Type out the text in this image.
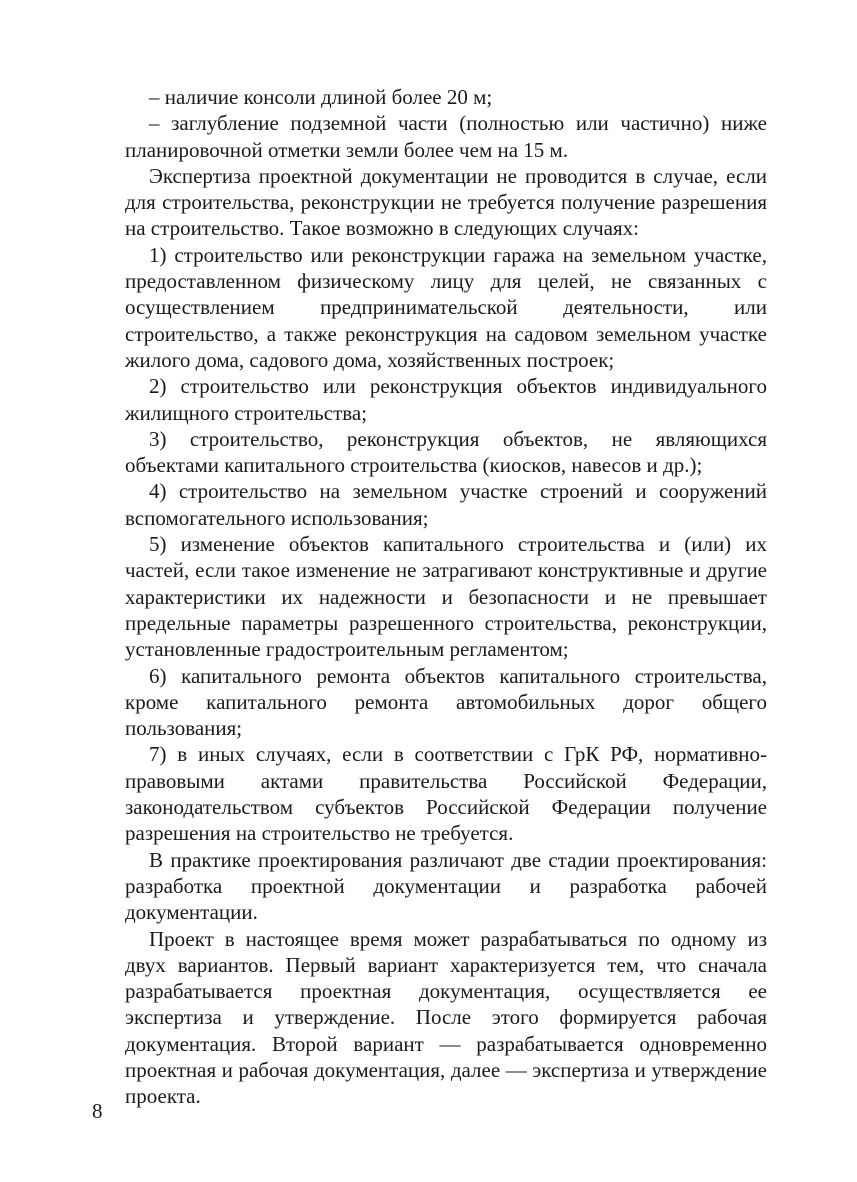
– наличие консоли длиной более 20 м;

– заглубление подземной части (полностью или частично) ниже планировочной отметки земли более чем на 15 м.

Экспертиза проектной документации не проводится в случае, если для строительства, реконструкции не требуется получение разрешения на строительство. Такое возможно в следующих случаях:

1) строительство или реконструкции гаража на земельном участке, предоставленном физическому лицу для целей, не связанных с осуществлением предпринимательской деятельности, или строительство, а также реконструкция на садовом земельном участке жилого дома, садового дома, хозяйственных построек;

2) строительство или реконструкция объектов индивидуального жилищного строительства;

3) строительство, реконструкция объектов, не являющихся объектами капитального строительства (киосков, навесов и др.);

4) строительство на земельном участке строений и сооружений вспомогательного использования;

5) изменение объектов капитального строительства и (или) их частей, если такое изменение не затрагивают конструктивные и другие характеристики их надежности и безопасности и не превышает предельные параметры разрешенного строительства, реконструкции, установленные градостроительным регламентом;

6) капитального ремонта объектов капитального строительства, кроме капитального ремонта автомобильных дорог общего пользования;

7) в иных случаях, если в соответствии с ГрК РФ, нормативно-правовыми актами правительства Российской Федерации, законодательством субъектов Российской Федерации получение разрешения на строительство не требуется.

В практике проектирования различают две стадии проектирования: разработка проектной документации и разработка рабочей документации.

Проект в настоящее время может разрабатываться по одному из двух вариантов. Первый вариант характеризуется тем, что сначала разрабатывается проектная документация, осуществляется ее экспертиза и утверждение. После этого формируется рабочая документация. Второй вариант — разрабатывается одновременно проектная и рабочая документация, далее — экспертиза и утверждение проекта.

8
